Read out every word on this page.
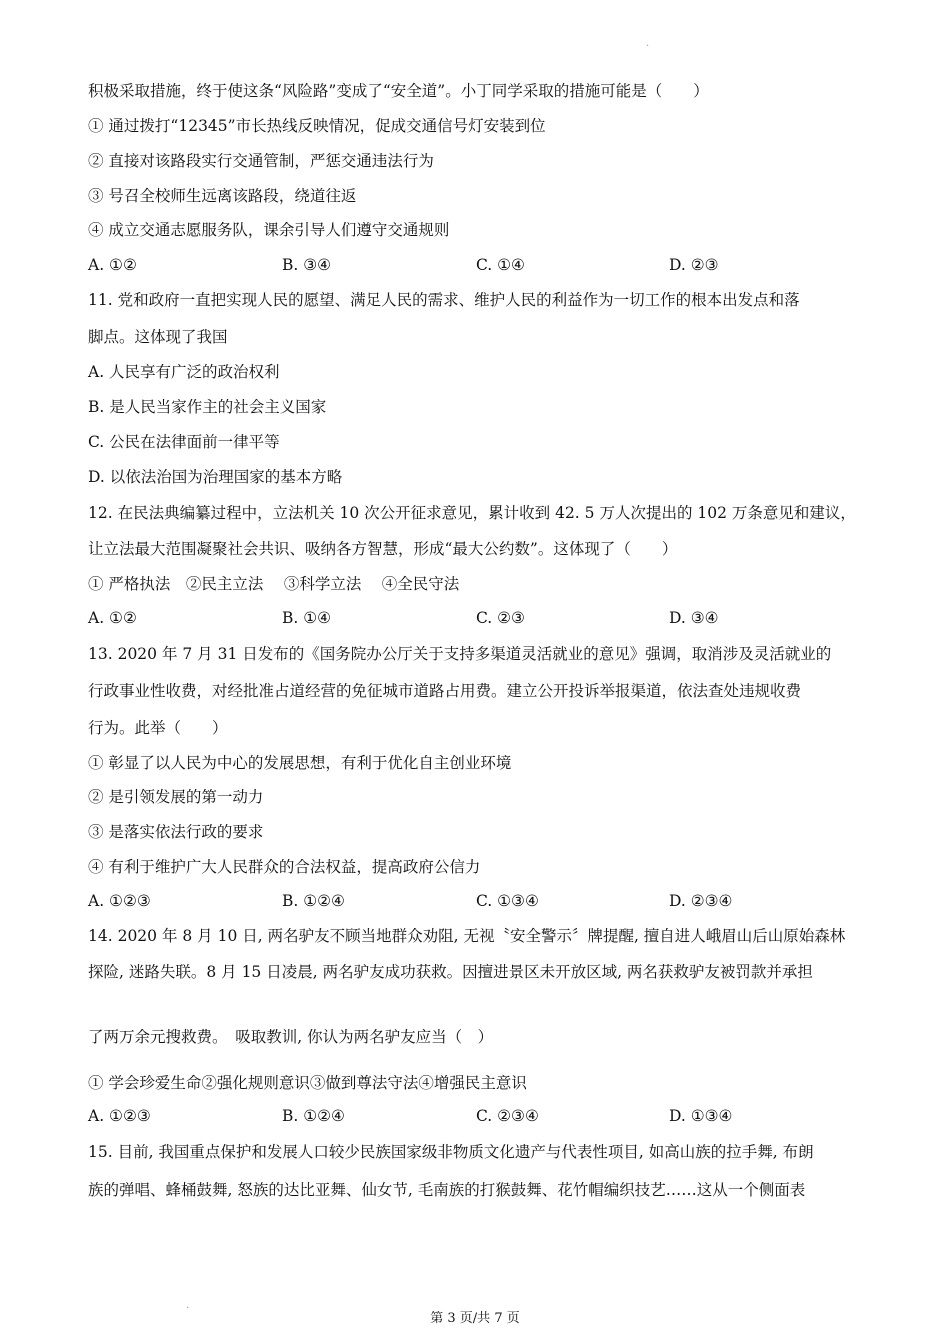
.
.
积极采取措施，终于使这条“风险路”变成了“安全道”。小丁同学采取的措施可能是（　　）
① 通过拨打“12345”市长热线反映情况，促成交通信号灯安装到位
② 直接对该路段实行交通管制，严惩交通违法行为
③ 号召全校师生远离该路段，绕道往返
④ 成立交通志愿服务队，课余引导人们遵守交通规则
A. ①②	B. ③④	C. ①④	D. ②③
11. 党和政府一直把实现人民的愿望、满足人民的需求、维护人民的利益作为一切工作的根本出发点和落
脚点。这体现了我国
A. 人民享有广泛的政治权利
B. 是人民当家作主的社会主义国家
C. 公民在法律面前一律平等
D. 以依法治国为治理国家的基本方略
12. 在民法典编纂过程中，立法机关 10 次公开征求意见，累计收到 42. 5 万人次提出的 102 万条意见和建议，
让立法最大范围凝聚社会共识、吸纳各方智慧，形成“最大公约数”。这体现了（　　）
① 严格执法　②民主立法　 ③科学立法　 ④全民守法
A. ①②	B. ①④	C. ②③	D. ③④
13. 2020 年 7 月 31 日发布的《国务院办公厅关于支持多渠道灵活就业的意见》强调，取消涉及灵活就业的
行政事业性收费，对经批准占道经营的免征城市道路占用费。建立公开投诉举报渠道，依法查处违规收费
行为。此举（　　）
① 彰显了以人民为中心的发展思想，有利于优化自主创业环境
② 是引领发展的第一动力
③ 是落实依法行政的要求
④ 有利于维护广大人民群众的合法权益，提高政府公信力
A. ①②③	B. ①②④	C. ①③④	D. ②③④
14. 2020 年 8 月 10 日, 两名驴友不顾当地群众劝阻, 无视〝安全警示〞牌提醒, 擅自进人峨眉山后山原始森林
探险, 迷路失联。8 月 15 日凌晨, 两名驴友成功获救。因擅进景区未开放区域, 两名获救驴友被罚款并承担
了两万余元搜救费。　吸取教训, 你认为两名驴友应当（　）
① 学会珍爱生命②强化规则意识③做到尊法守法④增强民主意识
A. ①②③	B. ①②④	C. ②③④	D. ①③④
15. 目前, 我国重点保护和发展人口较少民族国家级非物质文化遗产与代表性项目, 如高山族的拉手舞, 布朗
族的弹唱、蜂桶鼓舞, 怒族的达比亚舞、仙女节, 毛南族的打猴鼓舞、花竹帽编织技艺……这从一个侧面表
第 3 页/共 7 页
